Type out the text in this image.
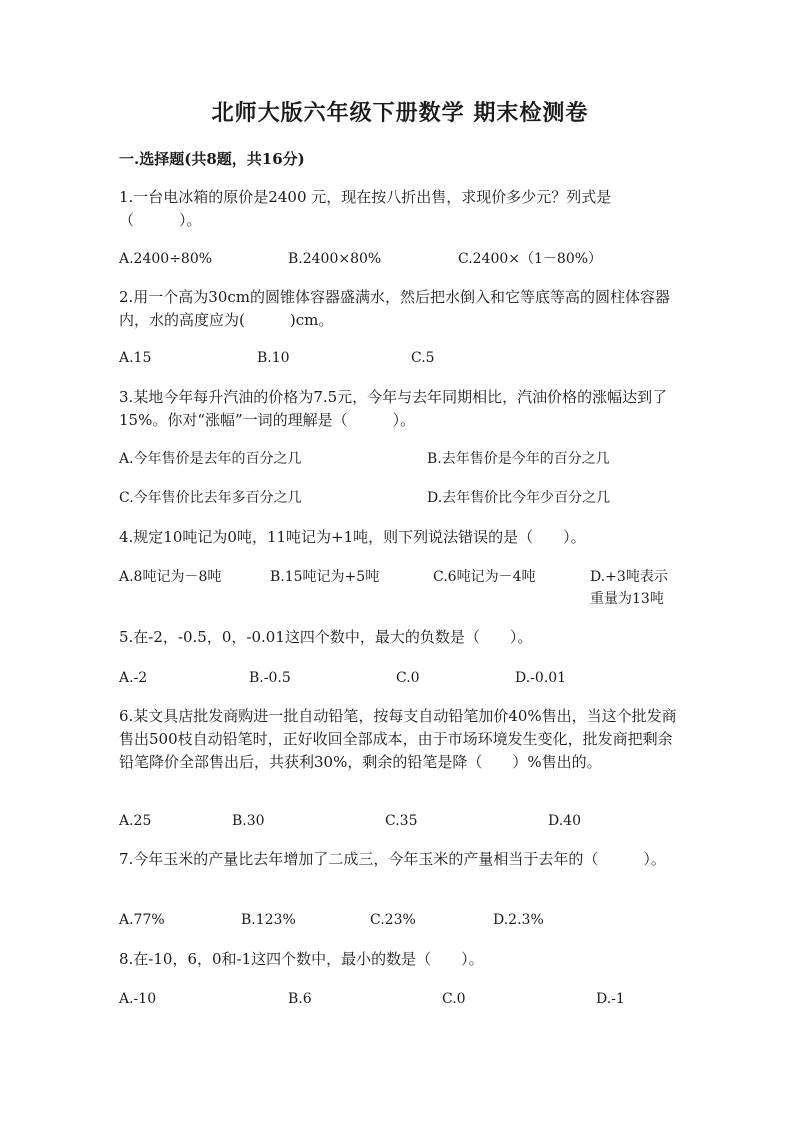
北师大版六年级下册数学 期末检测卷
一.选择题(共8题，共16分)
1.一台电冰箱的原价是2400 元，现在按八折出售，求现价多少元？列式是（　　　）。
A.2400÷80%	B.2400×80%	C.2400×（1－80%）
2.用一个高为30cm的圆锥体容器盛满水，然后把水倒入和它等底等高的圆柱体容器内，水的高度应为(　　　)cm。
A.15	B.10	C.5
3.某地今年每升汽油的价格为7.5元，今年与去年同期相比，汽油价格的涨幅达到了15%。你对“涨幅”一词的理解是（　　　）。
A.今年售价是去年的百分之几	B.去年售价是今年的百分之几
C.今年售价比去年多百分之几	D.去年售价比今年少百分之几
4.规定10吨记为0吨，11吨记为+1吨，则下列说法错误的是（　　）。
A.8吨记为－8吨	B.15吨记为+5吨	C.6吨记为－4吨	D.+3吨表示重量为13吨
5.在-2，-0.5，0，-0.01这四个数中，最大的负数是（　　）。
A.-2	B.-0.5	C.0	D.-0.01
6.某文具店批发商购进一批自动铅笔，按每支自动铅笔加价40%售出，当这个批发商售出500枝自动铅笔时，正好收回全部成本，由于市场环境发生变化，批发商把剩余铅笔降价全部售出后，共获利30%，剩余的铅笔是降（　　）%售出的。
A.25	B.30	C.35	D.40
7.今年玉米的产量比去年增加了二成三，今年玉米的产量相当于去年的（　　　）。
A.77%	B.123%	C.23%	D.2.3%
8.在-10，6，0和-1这四个数中，最小的数是（　　）。
A.-10	B.6	C.0	D.-1
